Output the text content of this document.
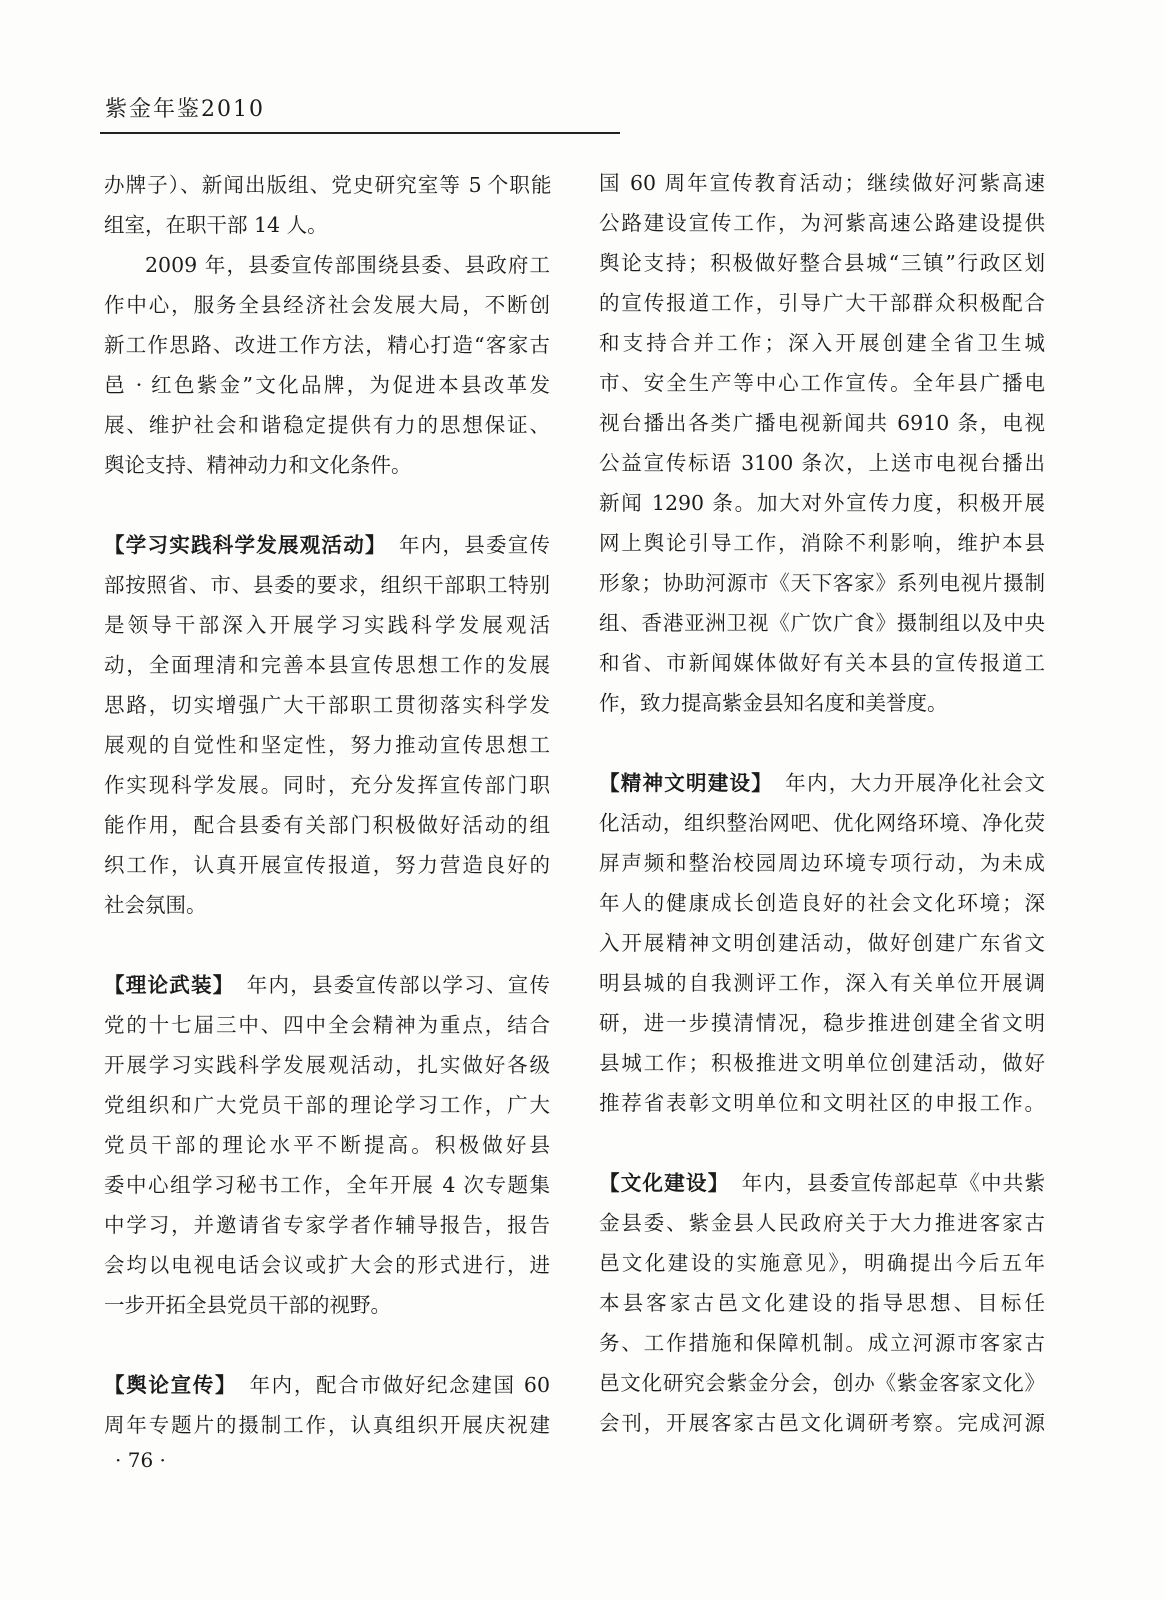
紫金年鉴2010
办牌子）、新闻出版组、党史研究室等 5 个职能
组室，在职干部 14 人。
2009 年，县委宣传部围绕县委、县政府工
作中心，服务全县经济社会发展大局，不断创
新工作思路、改进工作方法，精心打造“客家古
邑 · 红色紫金”文化品牌，为促进本县改革发
展、维护社会和谐稳定提供有力的思想保证、
舆论支持、精神动力和文化条件。
【学习实践科学发展观活动】 年内，县委宣传
部按照省、市、县委的要求，组织干部职工特别
是领导干部深入开展学习实践科学发展观活
动，全面理清和完善本县宣传思想工作的发展
思路，切实增强广大干部职工贯彻落实科学发
展观的自觉性和坚定性，努力推动宣传思想工
作实现科学发展。同时，充分发挥宣传部门职
能作用，配合县委有关部门积极做好活动的组
织工作，认真开展宣传报道，努力营造良好的
社会氛围。
【理论武装】 年内，县委宣传部以学习、宣传
党的十七届三中、四中全会精神为重点，结合
开展学习实践科学发展观活动，扎实做好各级
党组织和广大党员干部的理论学习工作，广大
党员干部的理论水平不断提高。积极做好县
委中心组学习秘书工作，全年开展 4 次专题集
中学习，并邀请省专家学者作辅导报告，报告
会均以电视电话会议或扩大会的形式进行，进
一步开拓全县党员干部的视野。
【舆论宣传】 年内，配合市做好纪念建国 60
周年专题片的摄制工作，认真组织开展庆祝建
国 60 周年宣传教育活动；继续做好河紫高速
公路建设宣传工作，为河紫高速公路建设提供
舆论支持；积极做好整合县城“三镇”行政区划
的宣传报道工作，引导广大干部群众积极配合
和支持合并工作；深入开展创建全省卫生城
市、安全生产等中心工作宣传。全年县广播电
视台播出各类广播电视新闻共 6910 条，电视
公益宣传标语 3100 条次，上送市电视台播出
新闻 1290 条。加大对外宣传力度，积极开展
网上舆论引导工作，消除不利影响，维护本县
形象；协助河源市《天下客家》系列电视片摄制
组、香港亚洲卫视《广饮广食》摄制组以及中央
和省、市新闻媒体做好有关本县的宣传报道工
作，致力提高紫金县知名度和美誉度。
【精神文明建设】 年内，大力开展净化社会文
化活动，组织整治网吧、优化网络环境、净化荧
屏声频和整治校园周边环境专项行动，为未成
年人的健康成长创造良好的社会文化环境；深
入开展精神文明创建活动，做好创建广东省文
明县城的自我测评工作，深入有关单位开展调
研，进一步摸清情况，稳步推进创建全省文明
县城工作；积极推进文明单位创建活动，做好
推荐省表彰文明单位和文明社区的申报工作。
【文化建设】 年内，县委宣传部起草《中共紫
金县委、紫金县人民政府关于大力推进客家古
邑文化建设的实施意见》，明确提出今后五年
本县客家古邑文化建设的指导思想、目标任
务、工作措施和保障机制。成立河源市客家古
邑文化研究会紫金分会，创办《紫金客家文化》
会刊，开展客家古邑文化调研考察。完成河源
· 76 ·
